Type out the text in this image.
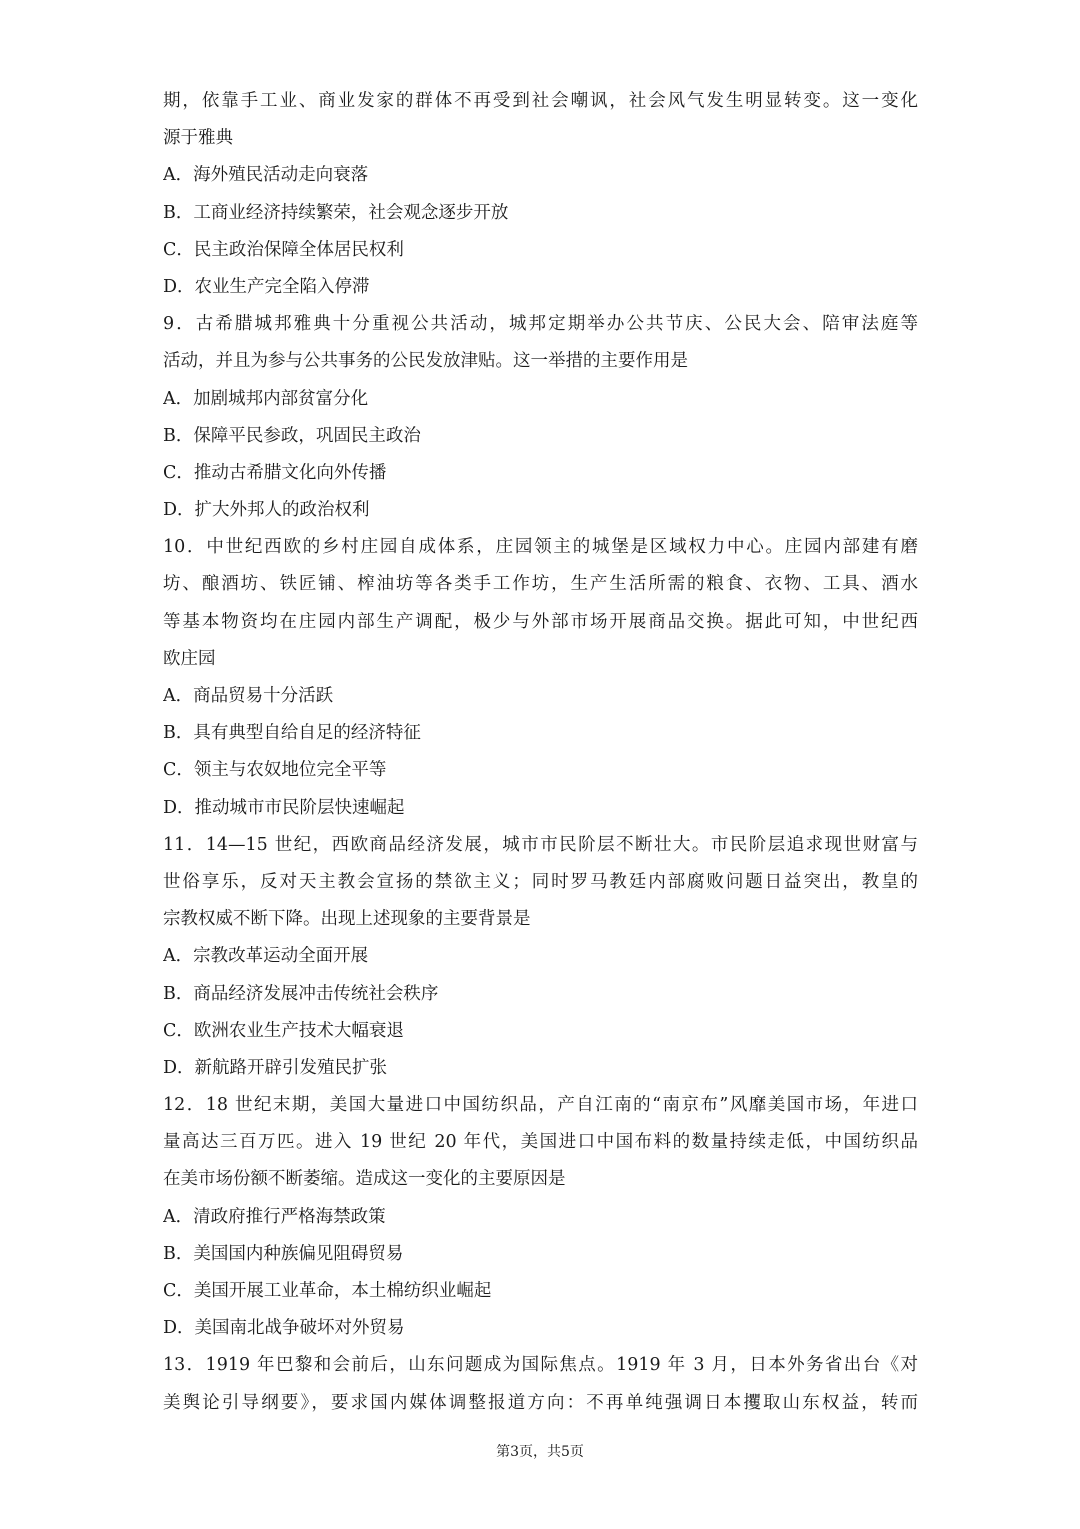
期，依靠手工业、商业发家的群体不再受到社会嘲讽，社会风气发生明显转变。这一变化
源于雅典
A．海外殖民活动走向衰落
B．工商业经济持续繁荣，社会观念逐步开放
C．民主政治保障全体居民权利
D．农业生产完全陷入停滞
9．古希腊城邦雅典十分重视公共活动，城邦定期举办公共节庆、公民大会、陪审法庭等
活动，并且为参与公共事务的公民发放津贴。这一举措的主要作用是
A．加剧城邦内部贫富分化
B．保障平民参政，巩固民主政治
C．推动古希腊文化向外传播
D．扩大外邦人的政治权利
10．中世纪西欧的乡村庄园自成体系，庄园领主的城堡是区域权力中心。庄园内部建有磨
坊、酿酒坊、铁匠铺、榨油坊等各类手工作坊，生产生活所需的粮食、衣物、工具、酒水
等基本物资均在庄园内部生产调配，极少与外部市场开展商品交换。据此可知，中世纪西
欧庄园
A．商品贸易十分活跃
B．具有典型自给自足的经济特征
C．领主与农奴地位完全平等
D．推动城市市民阶层快速崛起
11．14—15 世纪，西欧商品经济发展，城市市民阶层不断壮大。市民阶层追求现世财富与
世俗享乐，反对天主教会宣扬的禁欲主义；同时罗马教廷内部腐败问题日益突出，教皇的
宗教权威不断下降。出现上述现象的主要背景是
A．宗教改革运动全面开展
B．商品经济发展冲击传统社会秩序
C．欧洲农业生产技术大幅衰退
D．新航路开辟引发殖民扩张
12．18 世纪末期，美国大量进口中国纺织品，产自江南的“南京布”风靡美国市场，年进口
量高达三百万匹。进入 19 世纪 20 年代，美国进口中国布料的数量持续走低，中国纺织品
在美市场份额不断萎缩。造成这一变化的主要原因是
A．清政府推行严格海禁政策
B．美国国内种族偏见阻碍贸易
C．美国开展工业革命，本土棉纺织业崛起
D．美国南北战争破坏对外贸易
13．1919 年巴黎和会前后，山东问题成为国际焦点。1919 年 3 月，日本外务省出台《对
美舆论引导纲要》，要求国内媒体调整报道方向：不再单纯强调日本攫取山东权益，转而
第3页，共5页
